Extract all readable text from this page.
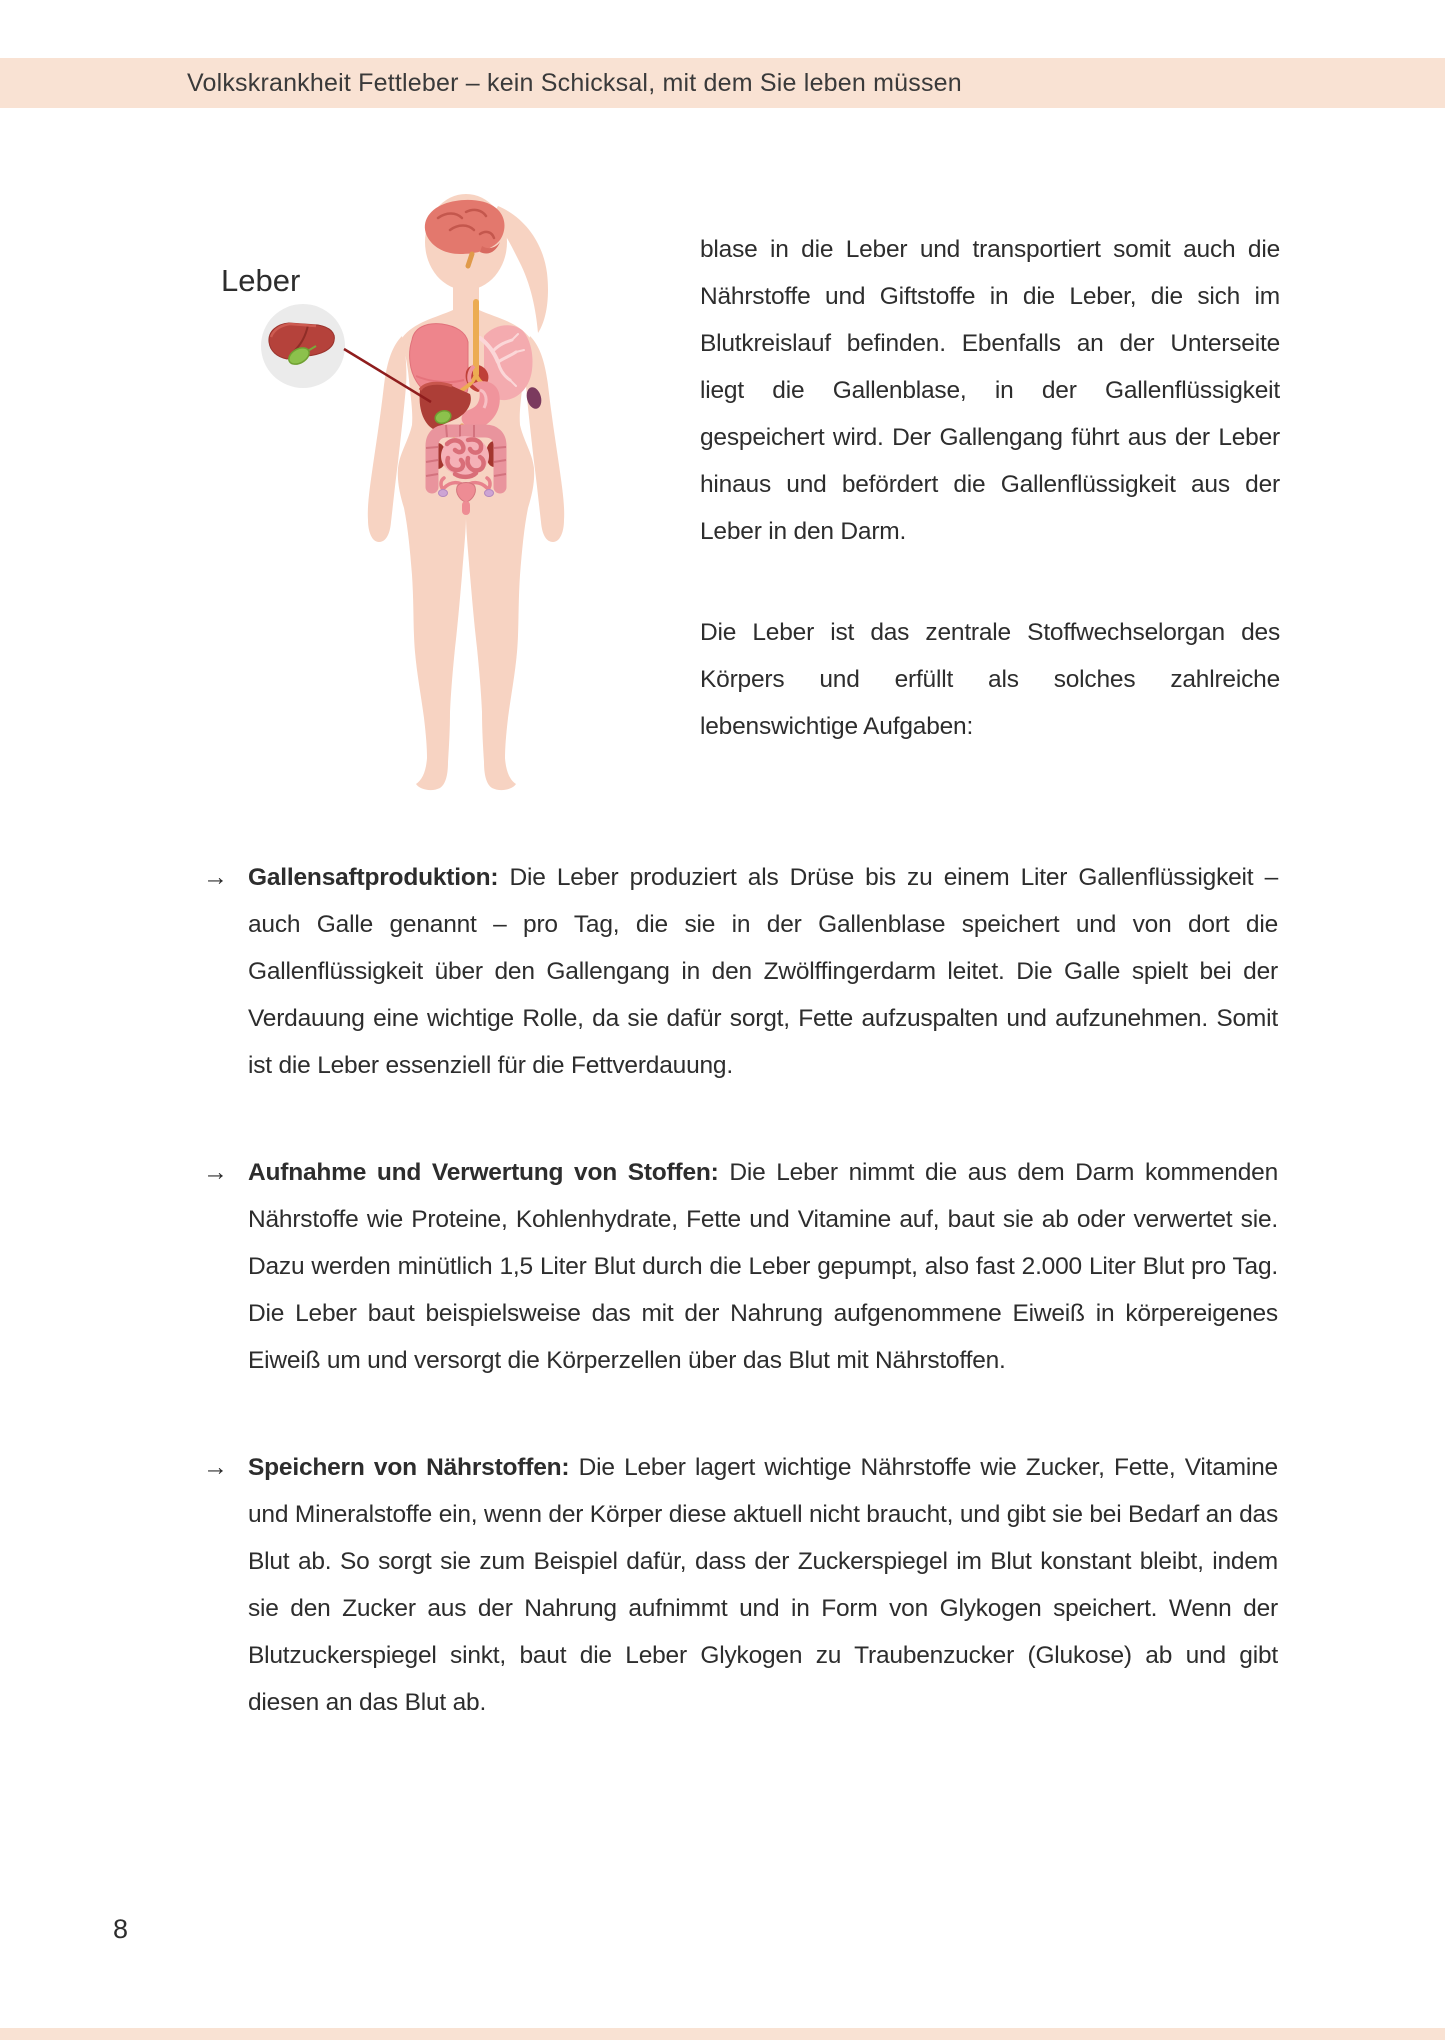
Volkskrankheit Fettleber – kein Schicksal, mit dem Sie leben müssen
Leber

blase in die Leber und transportiert somit auch die Nährstoffe und Giftstoffe in die Leber, die sich im Blutkreislauf befinden. Ebenfalls an der Unterseite liegt die Gallenblase, in der Gallenflüssigkeit gespeichert wird. Der Gallengang führt aus der Leber hinaus und befördert die Gallenflüssigkeit aus der Leber in den Darm.

Die Leber ist das zentrale Stoffwechselorgan des Körpers und erfüllt als solches zahlreiche lebenswichtige Aufgaben:

→ Gallensaftproduktion: Die Leber produziert als Drüse bis zu einem Liter Gallenflüssigkeit – auch Galle genannt – pro Tag, die sie in der Gallenblase speichert und von dort die Gallenflüssigkeit über den Gallengang in den Zwölffingerdarm leitet. Die Galle spielt bei der Verdauung eine wichtige Rolle, da sie dafür sorgt, Fette aufzuspalten und aufzunehmen. Somit ist die Leber essenziell für die Fettverdauung.
→ Aufnahme und Verwertung von Stoffen: Die Leber nimmt die aus dem Darm kommenden Nährstoffe wie Proteine, Kohlenhydrate, Fette und Vitamine auf, baut sie ab oder verwertet sie. Dazu werden minütlich 1,5 Liter Blut durch die Leber gepumpt, also fast 2.000 Liter Blut pro Tag. Die Leber baut beispielsweise das mit der Nahrung aufgenommene Eiweiß in körpereigenes Eiweiß um und versorgt die Körperzellen über das Blut mit Nährstoffen.
→ Speichern von Nährstoffen: Die Leber lagert wichtige Nährstoffe wie Zucker, Fette, Vitamine und Mineralstoffe ein, wenn der Körper diese aktuell nicht braucht, und gibt sie bei Bedarf an das Blut ab. So sorgt sie zum Beispiel dafür, dass der Zuckerspiegel im Blut konstant bleibt, indem sie den Zucker aus der Nahrung aufnimmt und in Form von Glykogen speichert. Wenn der Blutzuckerspiegel sinkt, baut die Leber Glykogen zu Traubenzucker (Glukose) ab und gibt diesen an das Blut ab.
8
